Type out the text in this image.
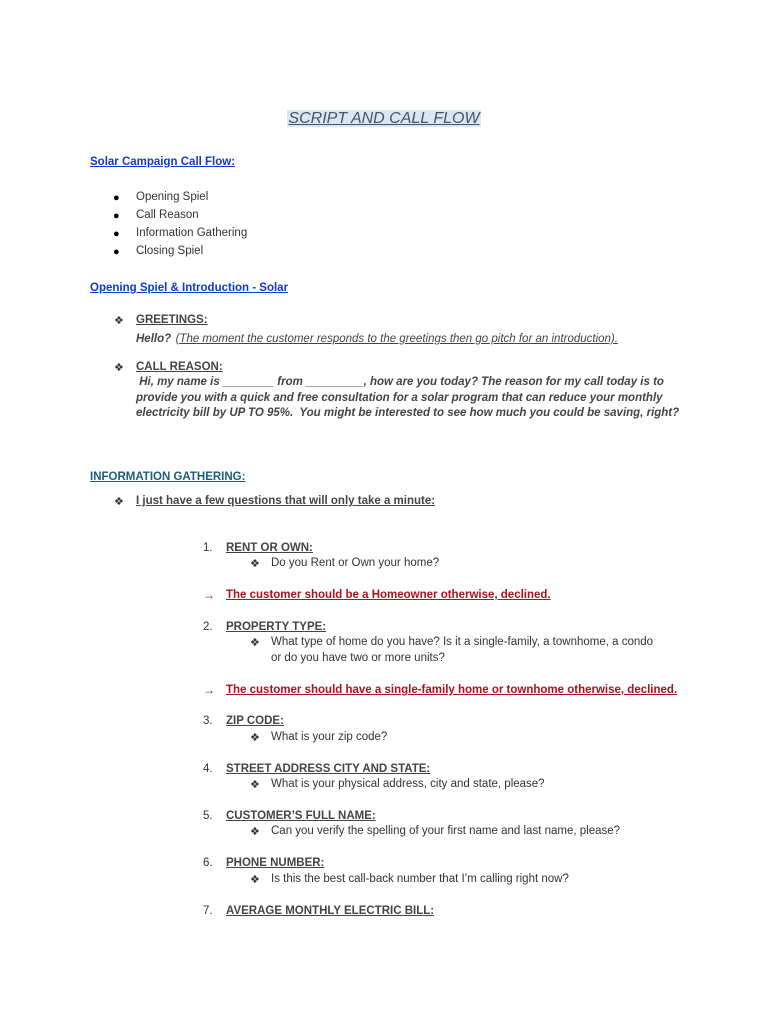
SCRIPT AND CALL FLOW
Solar Campaign Call Flow:
● Opening Spiel
● Call Reason
● Information Gathering
● Closing Spiel
Opening Spiel & Introduction - Solar
❖ GREETINGS:
Hello? (The moment the customer responds to the greetings then go pitch for an introduction).
❖ CALL REASON:
Hi, my name is ________ from _________, how are you today? The reason for my call today is to
provide you with a quick and free consultation for a solar program that can reduce your monthly
electricity bill by UP TO 95%.  You might be interested to see how much you could be saving, right?
INFORMATION GATHERING:
❖ I just have a few questions that will only take a minute:
1. RENT OR OWN:
❖ Do you Rent or Own your home?
→ The customer should be a Homeowner otherwise, declined.
2. PROPERTY TYPE:
❖ What type of home do you have? Is it a single-family, a townhome, a condo
or do you have two or more units?
→ The customer should have a single-family home or townhome otherwise, declined.
3. ZIP CODE:
❖ What is your zip code?
4. STREET ADDRESS CITY AND STATE:
❖ What is your physical address, city and state, please?
5. CUSTOMER’S FULL NAME:
❖ Can you verify the spelling of your first name and last name, please?
6. PHONE NUMBER:
❖ Is this the best call-back number that I’m calling right now?
7. AVERAGE MONTHLY ELECTRIC BILL:
